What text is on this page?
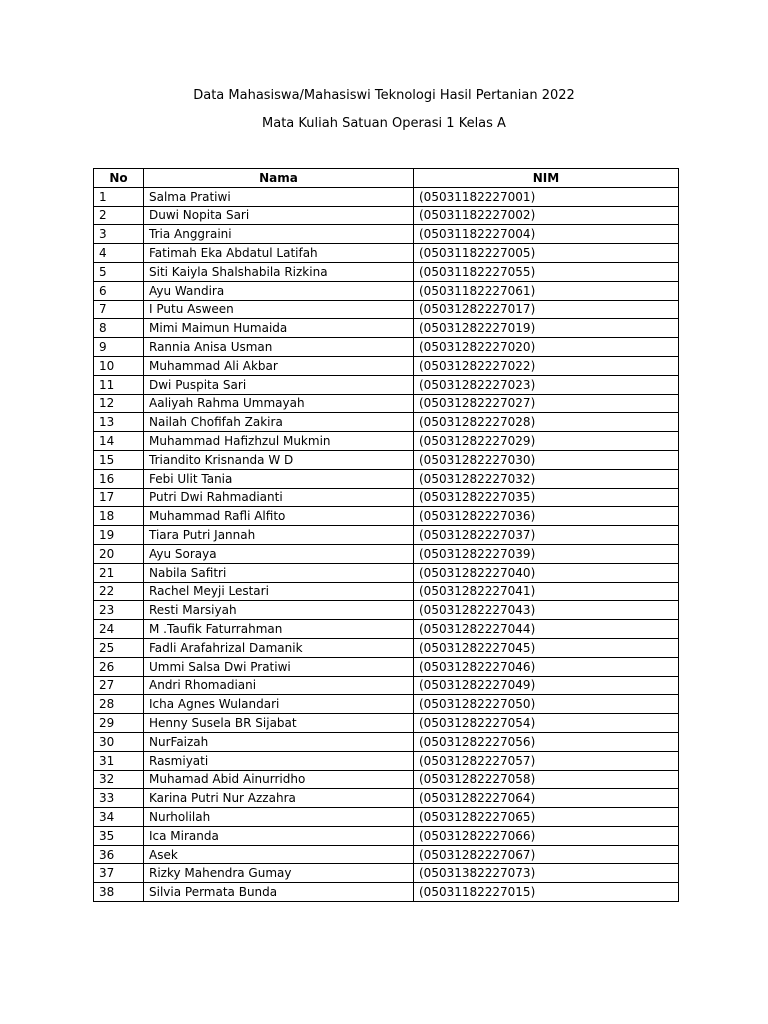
Data Mahasiswa/Mahasiswi Teknologi Hasil Pertanian 2022
Mata Kuliah Satuan Operasi 1 Kelas A
No	Nama	NIM
1	Salma Pratiwi	(05031182227001)
2	Duwi Nopita Sari	(05031182227002)
3	Tria Anggraini	(05031182227004)
4	Fatimah Eka Abdatul Latifah	(05031182227005)
5	Siti Kaiyla Shalshabila Rizkina	(05031182227055)
6	Ayu Wandira	(05031182227061)
7	I Putu Asween	(05031282227017)
8	Mimi Maimun Humaida	(05031282227019)
9	Rannia Anisa Usman	(05031282227020)
10	Muhammad Ali Akbar	(05031282227022)
11	Dwi Puspita Sari	(05031282227023)
12	Aaliyah Rahma Ummayah	(05031282227027)
13	Nailah Chofifah Zakira	(05031282227028)
14	Muhammad Hafizhzul Mukmin	(05031282227029)
15	Triandito Krisnanda W D	(05031282227030)
16	Febi Ulit Tania	(05031282227032)
17	Putri Dwi Rahmadianti	(05031282227035)
18	Muhammad Rafli Alfito	(05031282227036)
19	Tiara Putri Jannah	(05031282227037)
20	Ayu Soraya	(05031282227039)
21	Nabila Safitri	(05031282227040)
22	Rachel Meyji Lestari	(05031282227041)
23	Resti Marsiyah	(05031282227043)
24	M .Taufik Faturrahman	(05031282227044)
25	Fadli Arafahrizal Damanik	(05031282227045)
26	Ummi Salsa Dwi Pratiwi	(05031282227046)
27	Andri Rhomadiani	(05031282227049)
28	Icha Agnes Wulandari	(05031282227050)
29	Henny Susela BR Sijabat	(05031282227054)
30	NurFaizah	(05031282227056)
31	Rasmiyati	(05031282227057)
32	Muhamad Abid Ainurridho	(05031282227058)
33	Karina Putri Nur Azzahra	(05031282227064)
34	Nurholilah	(05031282227065)
35	Ica Miranda	(05031282227066)
36	Asek	(05031282227067)
37	Rizky Mahendra Gumay	(05031382227073)
38	Silvia Permata Bunda	(05031182227015)
